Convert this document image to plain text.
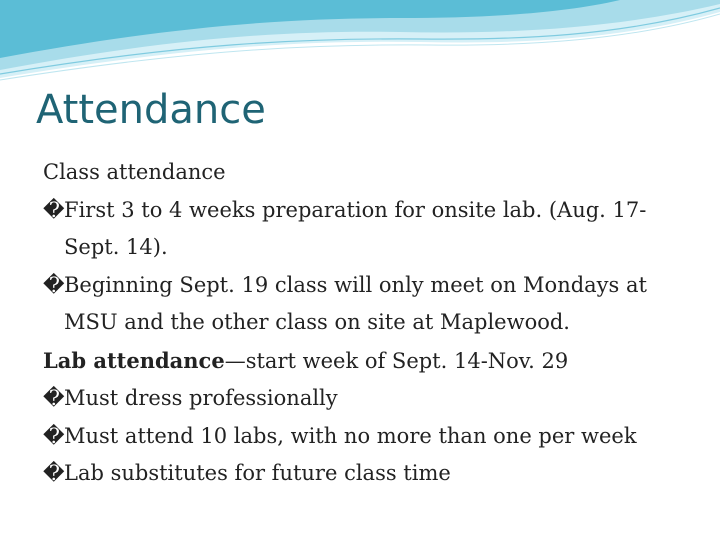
Attendance
Class attendance
�First 3 to 4 weeks preparation for onsite lab. (Aug. 17-
Sept. 14).
�Beginning Sept. 19 class will only meet on Mondays at
MSU and the other class on site at Maplewood.
Lab attendance—start week of Sept. 14-Nov. 29
�Must dress professionally
�Must attend 10 labs, with no more than one per week
�Lab substitutes for future class time
